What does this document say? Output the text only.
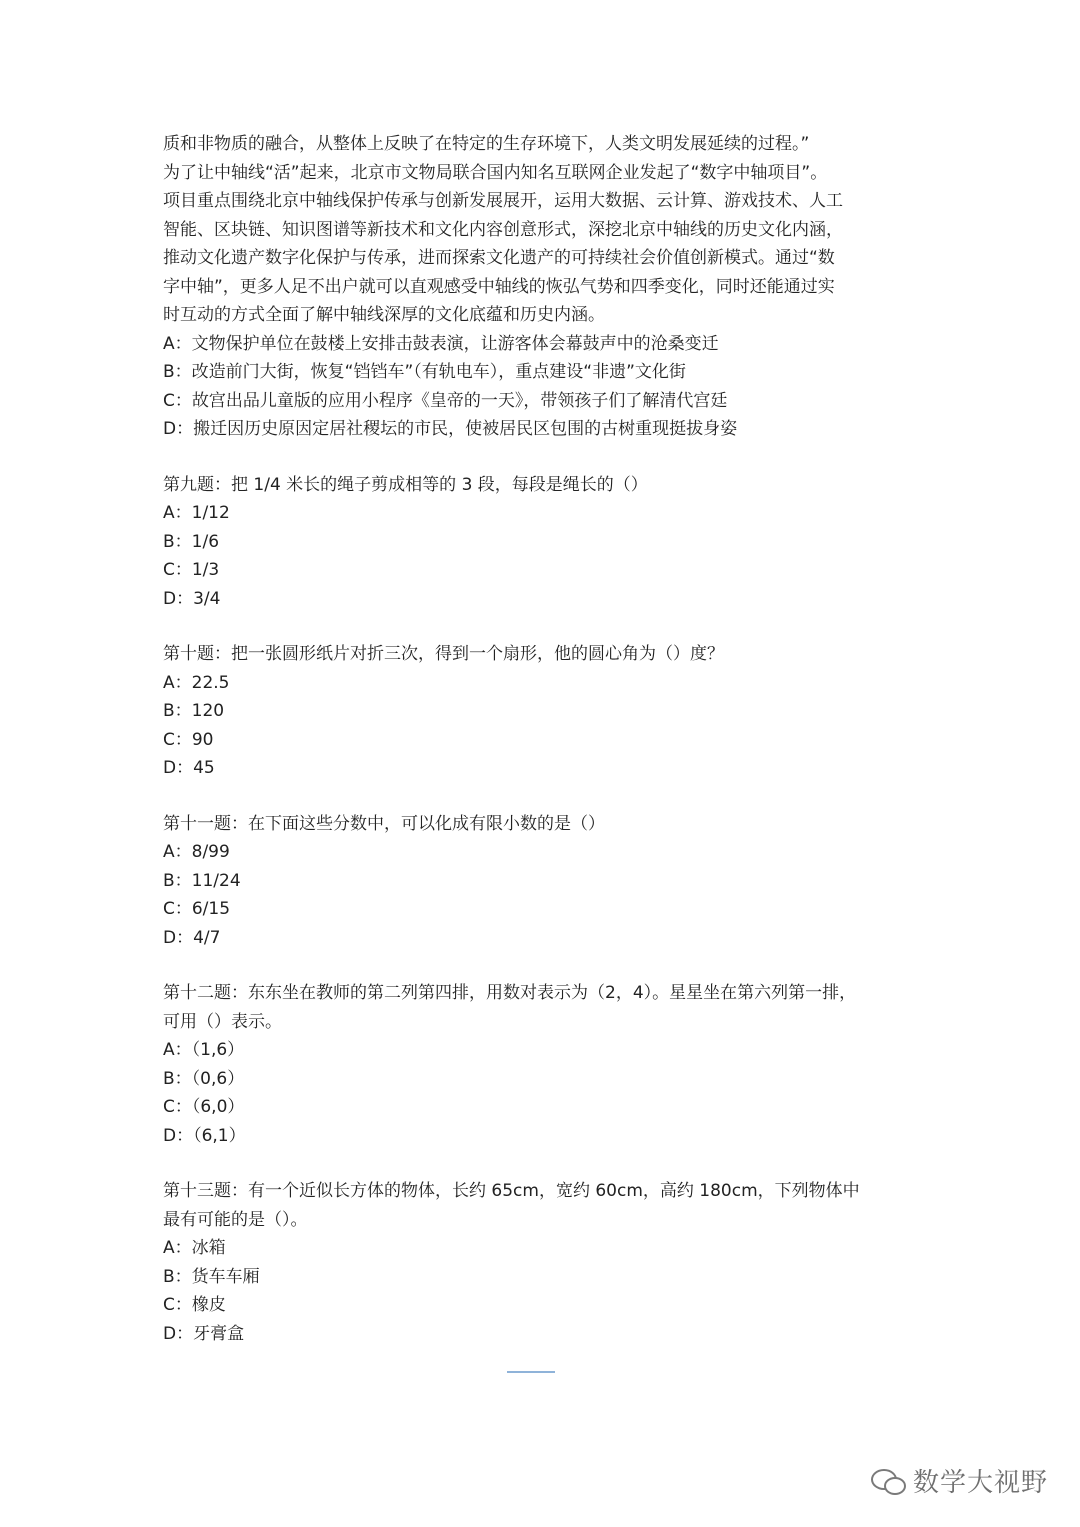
质和非物质的融合，从整体上反映了在特定的生存环境下，人类文明发展延续的过程。”
为了让中轴线“活”起来，北京市文物局联合国内知名互联网企业发起了“数字中轴项目”。
项目重点围绕北京中轴线保护传承与创新发展展开，运用大数据、云计算、游戏技术、人工
智能、区块链、知识图谱等新技术和文化内容创意形式，深挖北京中轴线的历史文化内涵，
推动文化遗产数字化保护与传承，进而探索文化遗产的可持续社会价值创新模式。通过“数
字中轴”，更多人足不出户就可以直观感受中轴线的恢弘气势和四季变化，同时还能通过实
时互动的方式全面了解中轴线深厚的文化底蕴和历史内涵。
A：文物保护单位在鼓楼上安排击鼓表演，让游客体会幕鼓声中的沧桑变迁
B：改造前门大街，恢复“铛铛车”（有轨电车），重点建设“非遗”文化街
C：故宫出品儿童版的应用小程序《皇帝的一天》，带领孩子们了解清代宫廷
D：搬迁因历史原因定居社稷坛的市民，使被居民区包围的古树重现挺拔身姿
第九题：把 1/4 米长的绳子剪成相等的 3 段，每段是绳长的（）
A：1/12
B：1/6
C：1/3
D：3/4
第十题：把一张圆形纸片对折三次，得到一个扇形，他的圆心角为（）度？
A：22.5
B：120
C：90
D：45
第十一题：在下面这些分数中，可以化成有限小数的是（）
A：8/99
B：11/24
C：6/15
D：4/7
第十二题：东东坐在教师的第二列第四排，用数对表示为（2，4）。星星坐在第六列第一排，
可用（）表示。
A：（1,6）
B：（0,6）
C：（6,0）
D：（6,1）
第十三题：有一个近似长方体的物体，长约 65cm，宽约 60cm，高约 180cm，下列物体中
最有可能的是（）。
A：冰箱
B：货车车厢
C：橡皮
D：牙膏盒
数学大视野
